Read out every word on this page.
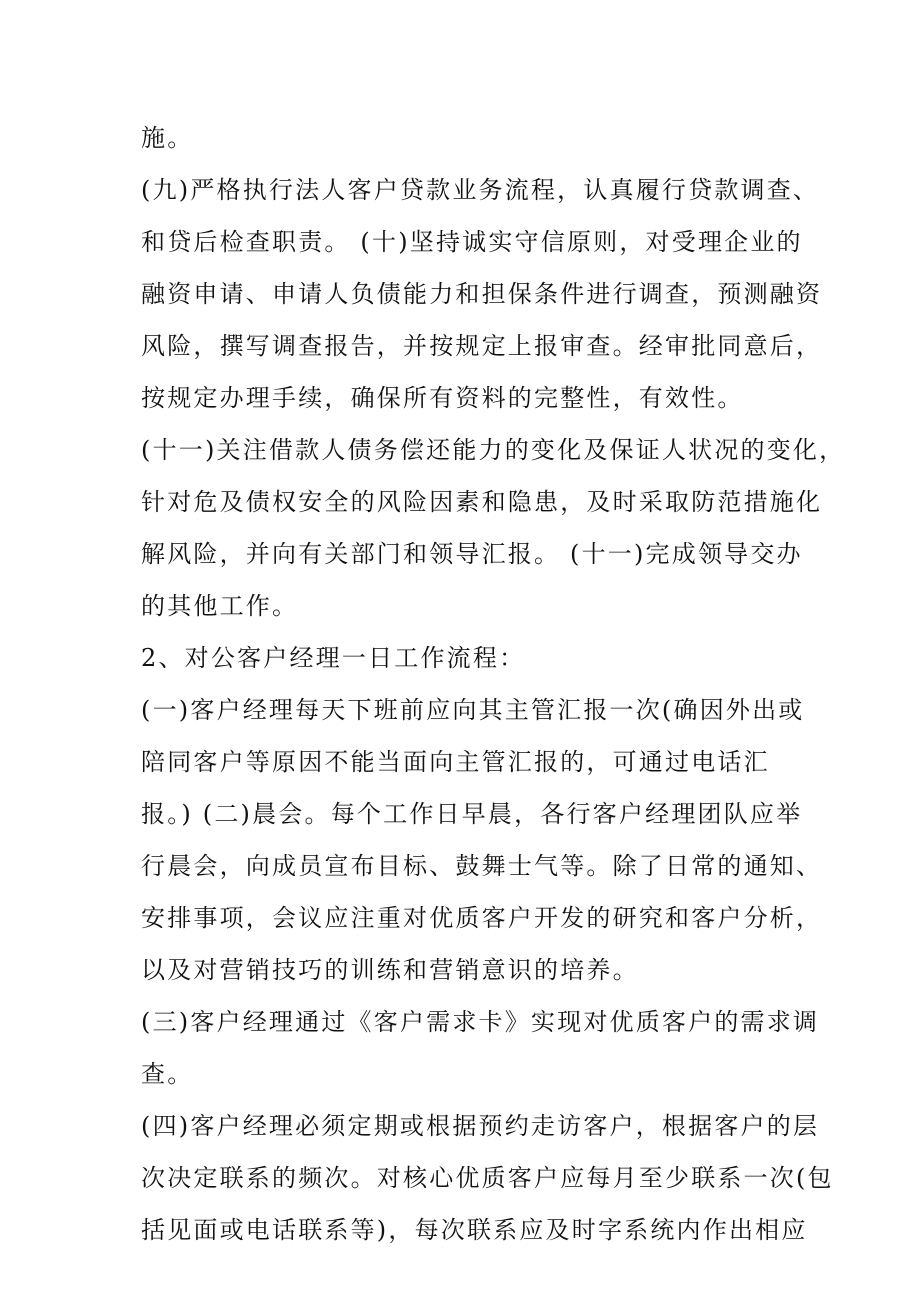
施。
(九)严格执行法人客户贷款业务流程，认真履行贷款调查、
和贷后检查职责。 (十)坚持诚实守信原则，对受理企业的
融资申请、申请人负债能力和担保条件进行调查，预测融资
风险，撰写调查报告，并按规定上报审查。经审批同意后，
按规定办理手续，确保所有资料的完整性，有效性。
(十一)关注借款人债务偿还能力的变化及保证人状况的变化，
针对危及债权安全的风险因素和隐患，及时采取防范措施化
解风险，并向有关部门和领导汇报。 (十一)完成领导交办
的其他工作。
2、对公客户经理一日工作流程：
(一)客户经理每天下班前应向其主管汇报一次(确因外出或
陪同客户等原因不能当面向主管汇报的，可通过电话汇
报。) (二)晨会。每个工作日早晨，各行客户经理团队应举
行晨会，向成员宣布目标、鼓舞士气等。除了日常的通知、
安排事项，会议应注重对优质客户开发的研究和客户分析，
以及对营销技巧的训练和营销意识的培养。
(三)客户经理通过《客户需求卡》实现对优质客户的需求调
查。
(四)客户经理必须定期或根据预约走访客户，根据客户的层
次决定联系的频次。对核心优质客户应每月至少联系一次(包
括见面或电话联系等)，每次联系应及时字系统内作出相应
